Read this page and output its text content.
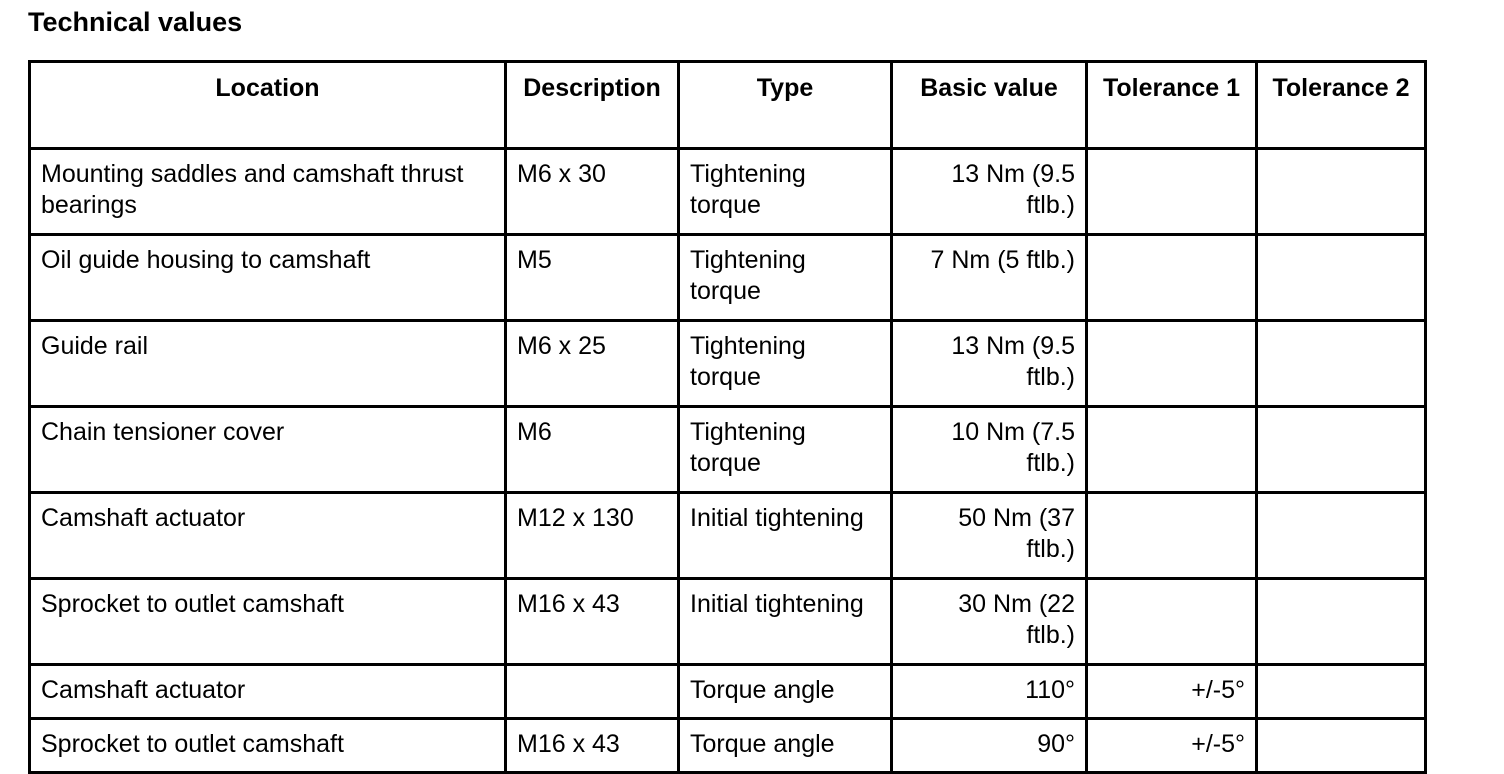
Technical values
Location	Description	Type	Basic value	Tolerance 1	Tolerance 2
Mounting saddles and camshaft thrust bearings	M6 x 30	Tightening torque	13 Nm (9.5 ftlb.)		
Oil guide housing to camshaft	M5	Tightening torque	7 Nm (5 ftlb.)		
Guide rail	M6 x 25	Tightening torque	13 Nm (9.5 ftlb.)		
Chain tensioner cover	M6	Tightening torque	10 Nm (7.5 ftlb.)		
Camshaft actuator	M12 x 130	Initial tightening	50 Nm (37 ftlb.)		
Sprocket to outlet camshaft	M16 x 43	Initial tightening	30 Nm (22 ftlb.)		
Camshaft actuator		Torque angle	110°	+/-5°	
Sprocket to outlet camshaft	M16 x 43	Torque angle	90°	+/-5°	
